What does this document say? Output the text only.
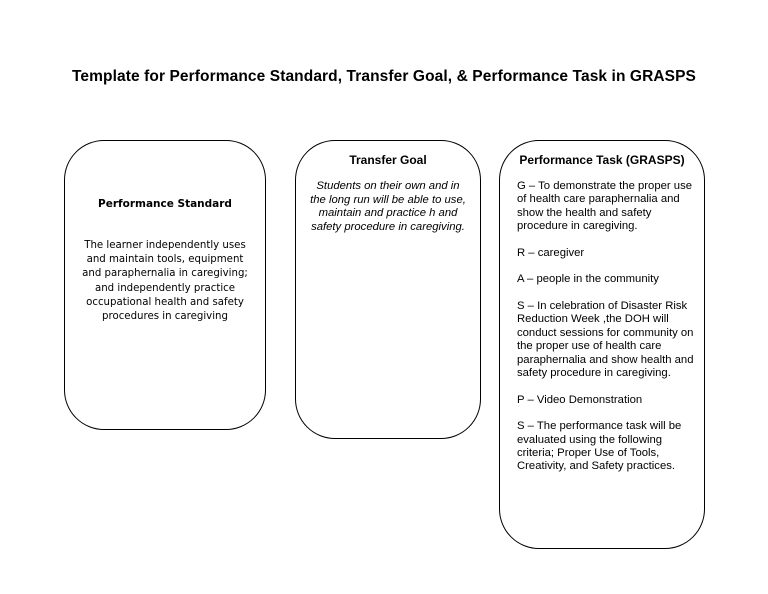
Template for Performance Standard, Transfer Goal, & Performance Task in GRASPS
Performance Standard
The learner independently uses and maintain tools, equipment and paraphernalia in caregiving; and independently practice occupational health and safety procedures in caregiving
Transfer Goal
Students on their own and in the long run will be able to use, maintain and practice h and safety procedure in caregiving.
Performance Task (GRASPS)
G – To demonstrate the proper use of health care paraphernalia and show the health and safety procedure in caregiving.
R – caregiver
A – people in the community
S – In celebration of Disaster Risk Reduction Week ,the DOH will conduct sessions for community on the proper use of health care paraphernalia and show health and safety procedure in caregiving.
P – Video Demonstration
S – The performance task will be evaluated using the following criteria; Proper Use of Tools, Creativity, and Safety practices.
